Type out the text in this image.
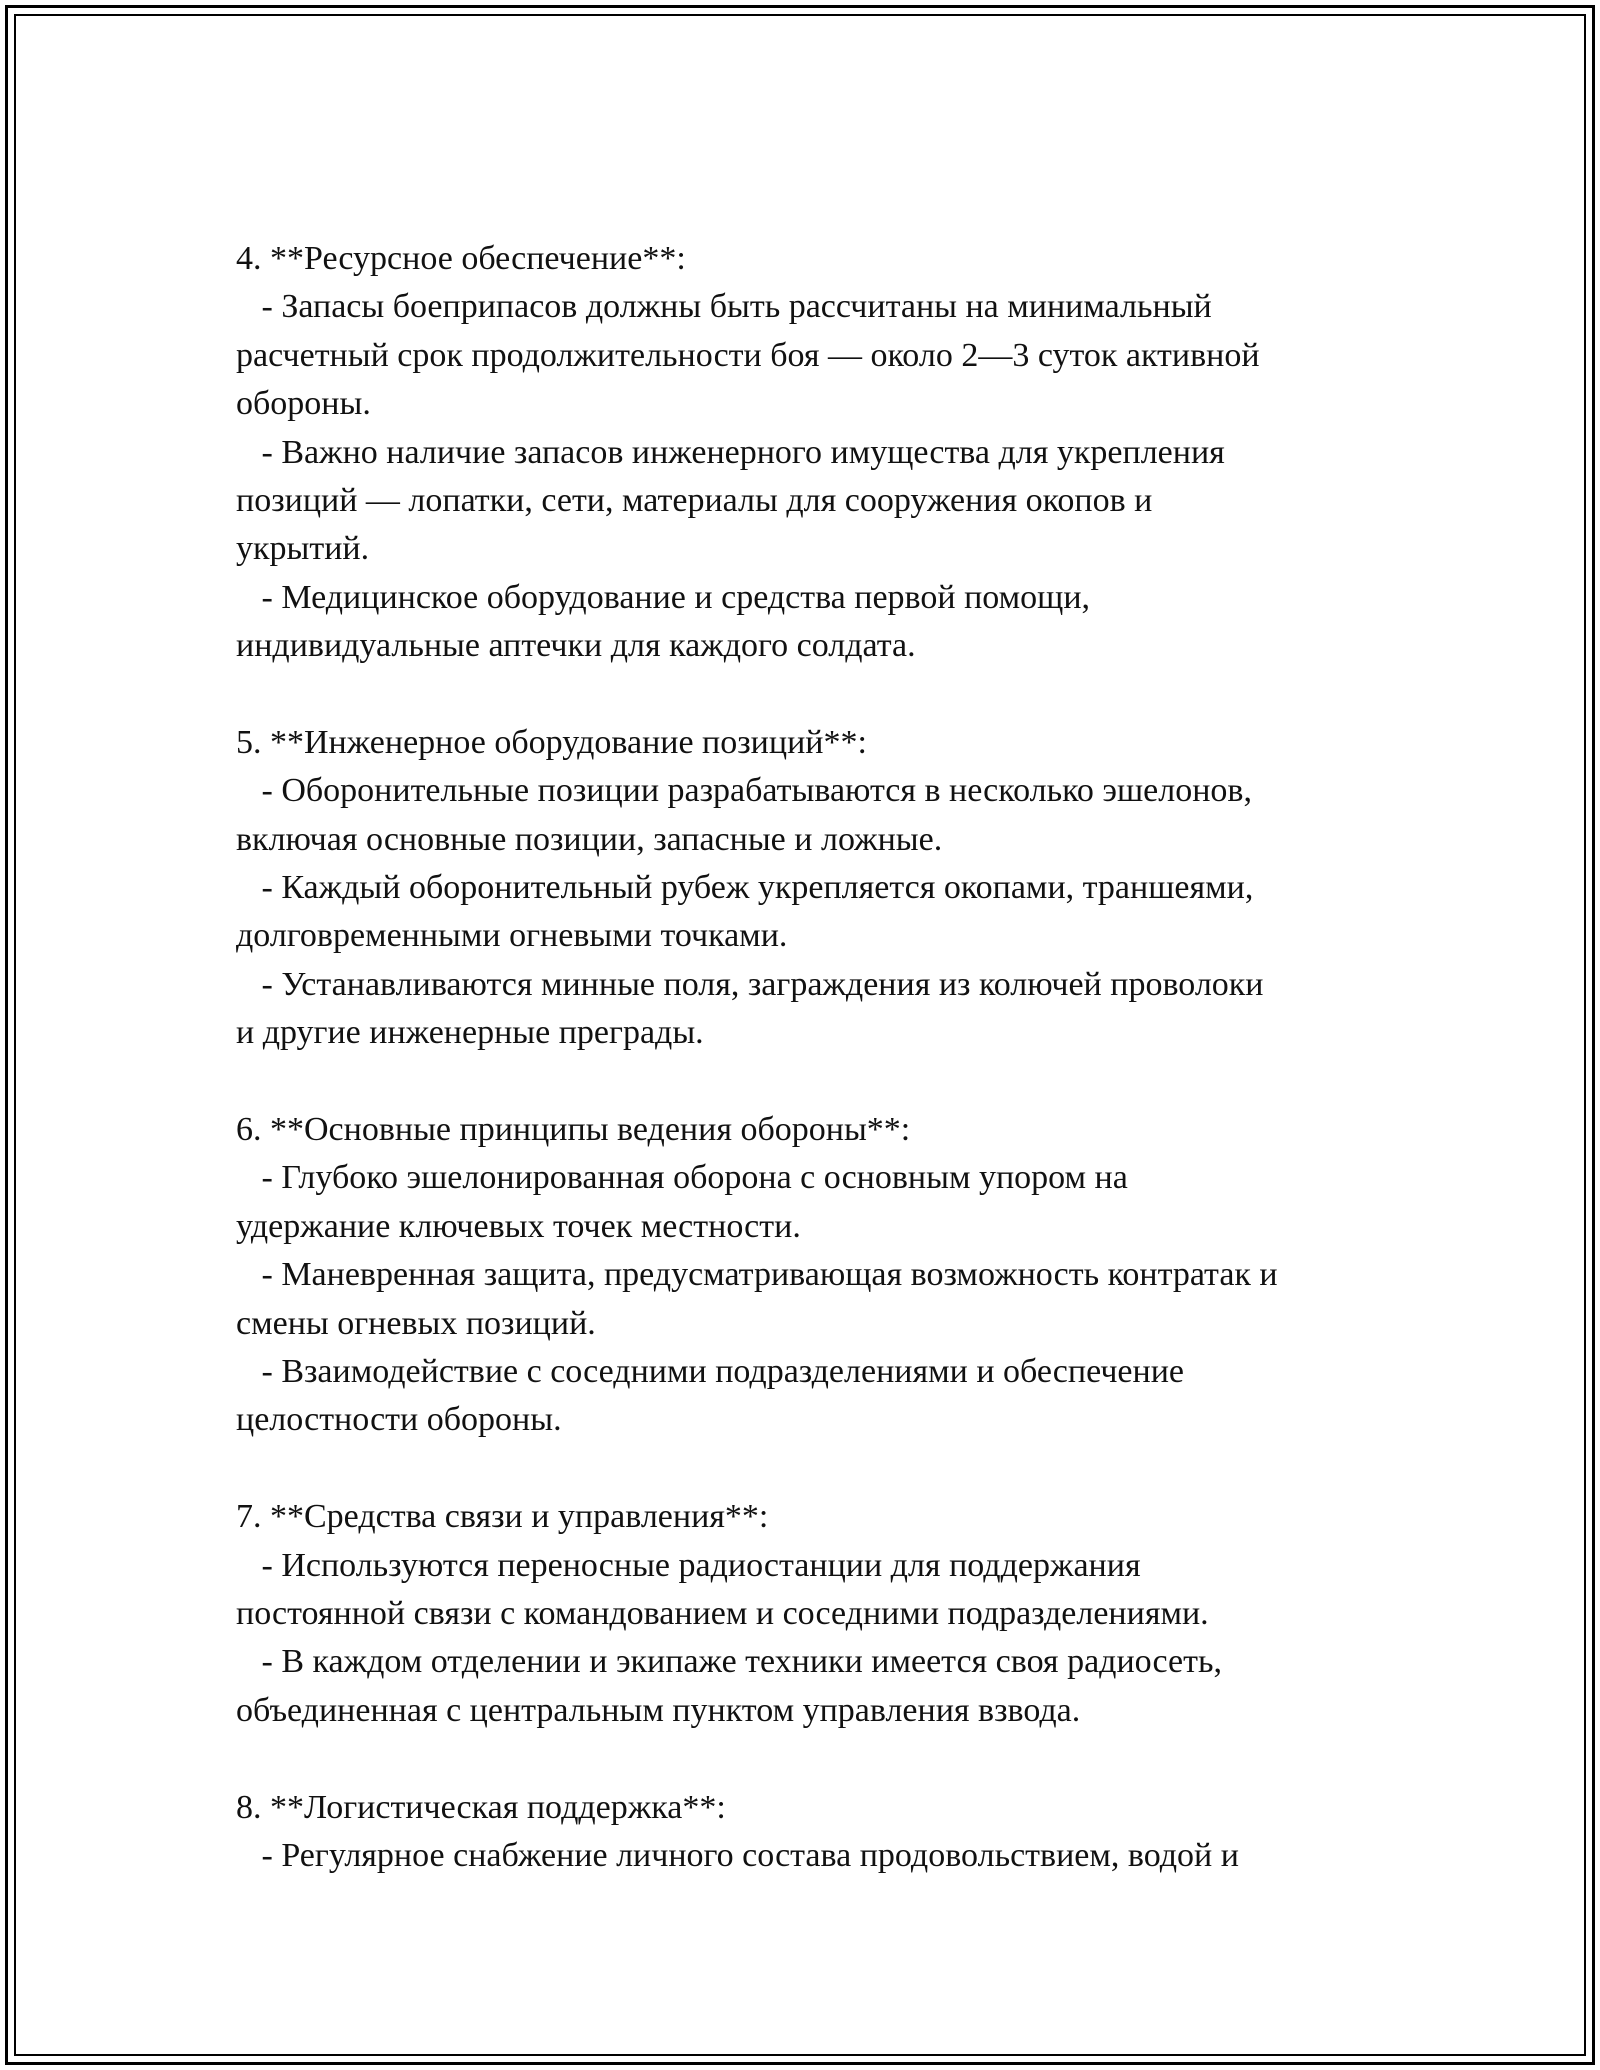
4. **Ресурсное обеспечение**:
- Запасы боеприпасов должны быть рассчитаны на минимальный
расчетный срок продолжительности боя — около 2—3 суток активной
обороны.
- Важно наличие запасов инженерного имущества для укрепления
позиций — лопатки, сети, материалы для сооружения окопов и
укрытий.
- Медицинское оборудование и средства первой помощи,
индивидуальные аптечки для каждого солдата.
5. **Инженерное оборудование позиций**:
- Оборонительные позиции разрабатываются в несколько эшелонов,
включая основные позиции, запасные и ложные.
- Каждый оборонительный рубеж укрепляется окопами, траншеями,
долговременными огневыми точками.
- Устанавливаются минные поля, заграждения из колючей проволоки
и другие инженерные преграды.
6. **Основные принципы ведения обороны**:
- Глубоко эшелонированная оборона с основным упором на
удержание ключевых точек местности.
- Маневренная защита, предусматривающая возможность контратак и
смены огневых позиций.
- Взаимодействие с соседними подразделениями и обеспечение
целостности обороны.
7. **Средства связи и управления**:
- Используются переносные радиостанции для поддержания
постоянной связи с командованием и соседними подразделениями.
- В каждом отделении и экипаже техники имеется своя радиосеть,
объединенная с центральным пунктом управления взвода.
8. **Логистическая поддержка**:
- Регулярное снабжение личного состава продовольствием, водой и
